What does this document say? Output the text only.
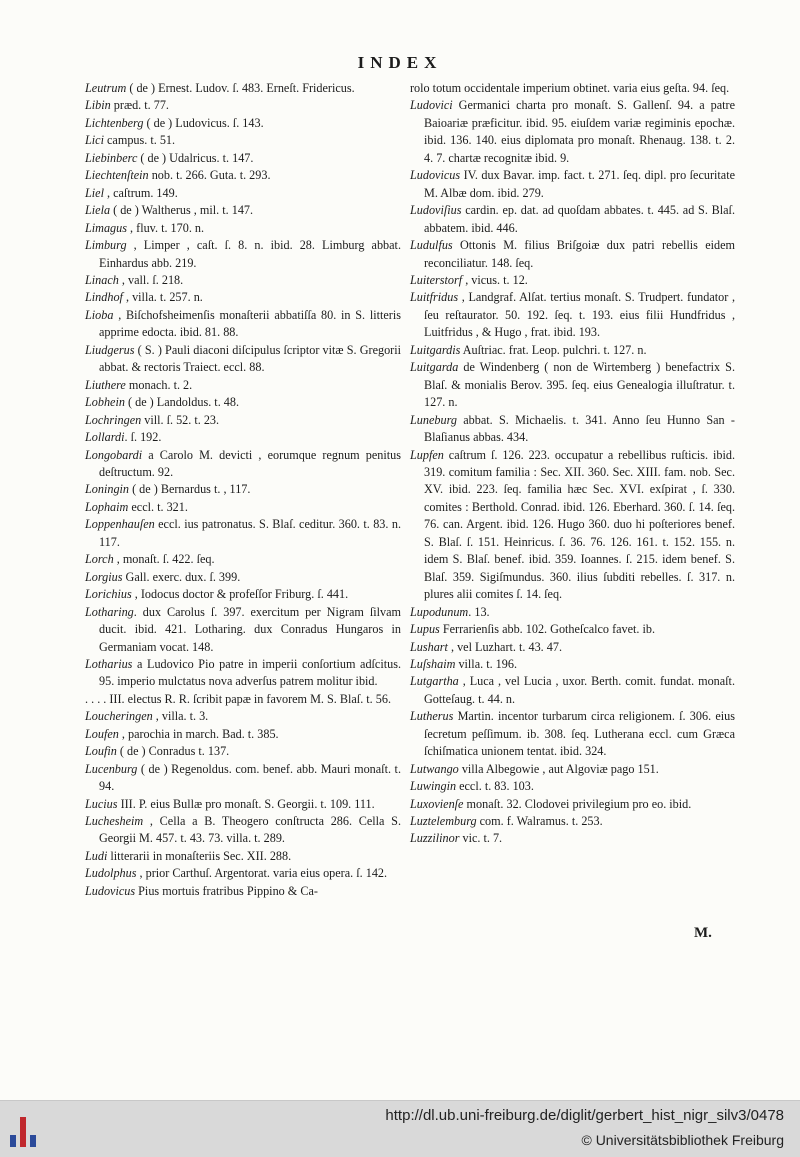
INDEX
Leutrum ( de ) Ernest. Ludov. ſ. 483. Erneſt. Fridericus.
Libin præd. t. 77.
Lichtenberg ( de ) Ludovicus. ſ. 143.
Lici campus. t. 51.
Liebinberc ( de ) Udalricus. t. 147.
Liechtenſtein nob. t. 266. Guta. t. 293.
Liel , caſtrum. 149.
Liela ( de ) Waltherus , mil. t. 147.
Limagus , fluv. t. 170. n.
Limburg , Limper , caſt. ſ. 8. n. ibid. 28. Limburg abbat. Einhardus abb. 219.
Linach , vall. ſ. 218.
Lindhof , villa. t. 257. n.
Lioba , Biſchofsheimenſis monaſterii abbatiſſa 80. in S. litteris apprime edocta. ibid. 81. 88.
Liudgerus ( S. ) Pauli diaconi diſcipulus ſcriptor vitæ S. Gregorii abbat. & rectoris Traiect. eccl. 88.
Liuthere monach. t. 2.
Lobhein ( de ) Landoldus. t. 48.
Lochringen vill. ſ. 52. t. 23.
Lollardi. ſ. 192.
Longobardi a Carolo M. devicti , eorumque regnum penitus deſtructum. 92.
Loningin ( de ) Bernardus t. , 117.
Lophaim eccl. t. 321.
Loppenhauſen eccl. ius patronatus. S. Blaſ. ceditur. 360. t. 83. n. 117.
Lorch , monaſt. ſ. 422. ſeq.
Lorgius Gall. exerc. dux. ſ. 399.
Lorichius , Iodocus doctor & profeſſor Friburg. ſ. 441.
Lotharing. dux Carolus ſ. 397. exercitum per Nigram ſilvam ducit. ibid. 421. Lotharing. dux Conradus Hungaros in Germaniam vocat. 148.
Lotharius a Ludovico Pio patre in imperii conſortium adſcitus. 95. imperio mulctatus nova adverſus patrem molitur ibid.
. . . . III. electus R. R. ſcribit papæ in favorem M. S. Blaſ. t. 56.
Loucheringen , villa. t. 3.
Loufen , parochia in march. Bad. t. 385.
Loufin ( de ) Conradus t. 137.
Lucenburg ( de ) Regenoldus. com. benef. abb. Mauri monaſt. t. 94.
Lucius III. P. eius Bullæ pro monaſt. S. Georgii. t. 109. 111.
Luchesheim , Cella a B. Theogero conſtructa 286. Cella S. Georgii M. 457. t. 43. 73. villa. t. 289.
Ludi litterarii in monaſteriis Sec. XII. 288.
Ludolphus , prior Carthuſ. Argentorat. varia eius opera. ſ. 142.
Ludovicus Pius mortuis fratribus Pippino & Ca-
rolo totum occidentale imperium obtinet. varia eius geſta. 94. ſeq.
Ludovici Germanici charta pro monaſt. S. Gallenſ. 94. a patre Baioariæ præficitur. ibid. 95. eiuſdem variæ regiminis epochæ. ibid. 136. 140. eius diplomata pro monaſt. Rhenaug. 138. t. 2. 4. 7. chartæ recognitæ ibid. 9.
Ludovicus IV. dux Bavar. imp. fact. t. 271. ſeq. dipl. pro ſecuritate M. Albæ dom. ibid. 279.
Ludoviſius cardin. ep. dat. ad quoſdam abbates. t. 445. ad S. Blaſ. abbatem. ibid. 446.
Ludulfus Ottonis M. filius Briſgoiæ dux patri rebellis eidem reconciliatur. 148. ſeq.
Luiterstorf , vicus. t. 12.
Luitfridus , Landgraf. Alſat. tertius monaſt. S. Trudpert. fundator , ſeu reſtaurator. 50. 192. ſeq. t. 193. eius filii Hundfridus , Luitfridus , & Hugo , frat. ibid. 193.
Luitgardis Auſtriac. frat. Leop. pulchri. t. 127. n.
Luitgarda de Windenberg ( non de Wirtemberg ) benefactrix S. Blaſ. & monialis Berov. 395. ſeq. eius Genealogia illuſtratur. t. 127. n.
Luneburg abbat. S. Michaelis. t. 341. Anno ſeu Hunno San - Blaſianus abbas. 434.
Lupfen caſtrum ſ. 126. 223. occupatur a rebellibus ruſticis. ibid. 319. comitum familia : Sec. XII. 360. Sec. XIII. fam. nob. Sec. XV. ibid. 223. ſeq. familia hæc Sec. XVI. exſpirat , ſ. 330. comites : Berthold. Conrad. ibid. 126. Eberhard. 360. ſ. 14. ſeq. 76. can. Argent. ibid. 126. Hugo 360. duo hi poſteriores benef. S. Blaſ. ſ. 151. Heinricus. ſ. 36. 76. 126. 161. t. 152. 155. n. idem S. Blaſ. benef. ibid. 359. Ioannes. ſ. 215. idem benef. S. Blaſ. 359. Sigiſmundus. 360. ilius ſubditi rebelles. ſ. 317. n. plures alii comites ſ. 14. ſeq.
Lupodunum. 13.
Lupus Ferrarienſis abb. 102. Gotheſcalco favet. ib.
Lushart , vel Luzhart. t. 43. 47.
Luſshaim villa. t. 196.
Lutgartha , Luca , vel Lucia , uxor. Berth. comit. fundat. monaſt. Gotteſaug. t. 44. n.
Lutherus Martin. incentor turbarum circa religionem. ſ. 306. eius ſecretum peſſimum. ib. 308. ſeq. Lutherana eccl. cum Græca ſchiſmatica unionem tentat. ibid. 324.
Lutwango villa Albegowie , aut Algoviæ pago 151.
Luwingin eccl. t. 83. 103.
Luxovienſe monaſt. 32. Clodovei privilegium pro eo. ibid.
Luztelemburg com. f. Walramus. t. 253.
Luzzilinor vic. t. 7.
M.
http://dl.ub.uni-freiburg.de/diglit/gerbert_hist_nigr_silv3/0478
© Universitätsbibliothek Freiburg
